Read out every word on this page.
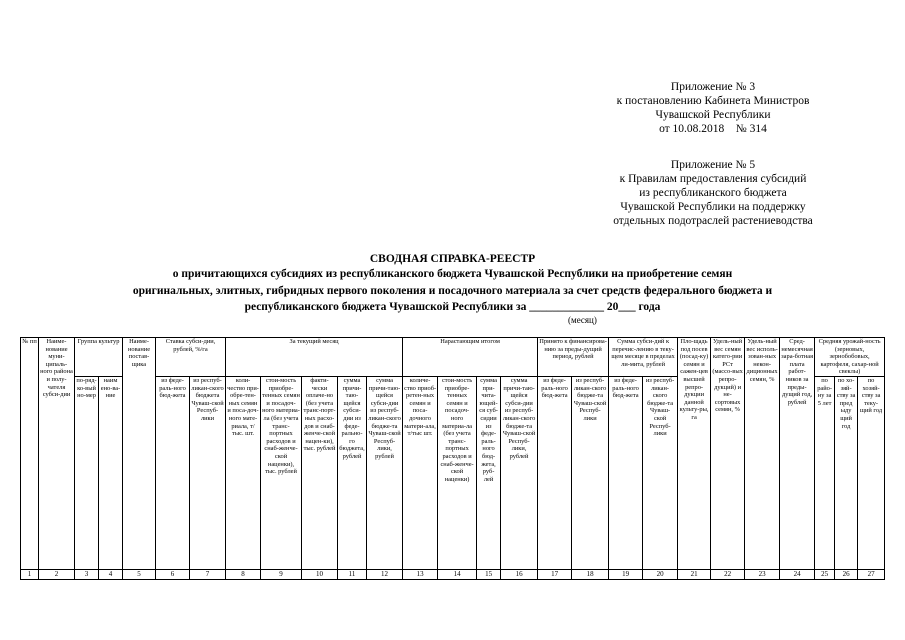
Приложение № 3
к постановлению Кабинета Министров
Чувашской Республики
от 10.08.2018    № 314
Приложение № 5
к Правилам предоставления субсидий
из республиканского бюджета
Чувашской Республики на поддержку
отдельных подотраслей растениеводства
СВОДНАЯ СПРАВКА-РЕЕСТР
о причитающихся субсидиях из республиканского бюджета Чувашской Республики на приобретение семян
оригинальных, элитных, гибридных первого поколения и посадочного материала за счет средств федерального бюджета и
республиканского бюджета Чувашской Республики за _____________ 20___ года
(месяц)
№ пп	Наиме-нование муни-ципаль-ного района и полу-чателя субси-дии	Группа культур		Наиме-нование постав-щика	Ставка субси-дии, рублей, %/га		За текущий месяц					Нарастающим итогом				Принято к финансирова-нию за преды-дущий период, рублей		Сумма субси-дий к перечис-лению в теку-щем месяце в пределах ли-мита, рублей		Пло-щадь под посев (посад-ку) семян и сажен-цев высшей репро-дукции данной культу-ры, га	Удель-ный вес семян катего-рии РСт (массо-вых репро-дукций) и не-сортовых семян, %	Удель-ный вес исполь-зован-ных некон-диционных семян, %	Сред-немесячная зара-ботная плата работ-ников за преды-дущий год, рублей	Средняя урожай-ность (зерновых, зернобобовых, картофеля, сахар-ной свеклы)		
		по-ряд-ко-вый но-мер	наим ено-ва-ние		из феде-раль-ного бюд-жета	из респуб-ликан-ского бюджета Чуваш-ской Респуб-лики	коли-чество при-обре-тен-ных семян и поса-доч-ного мате-риала, т/тыс. шт.	стои-мость приобре-тенных семян и посадоч-ного материа-ла (без учета транс-портных расходов и снаб-женче-ской наценки), тыс. рублей	факти-чески оплаче-но (без учета транс-порт-ных расхо-дов и снаб-женче-ской нацен-ки), тыс. рублей	сумма причи-таю-щейся субси-дии из феде-рально-го бюджета, рублей	сумма причи-таю-щейся субси-дии из респуб-ликан-ского бюдже-та Чуваш-ской Респуб-лики, рублей	количе-ство приоб-ретен-ных семян и поса-дочного матери-ала, т/тыс шт.	стои-мость приобре-тенных семян и посадоч-ного материа-ла (без учета транс-портных расходов и снаб-женче-ской наценки)	сумма при-чита-ющей-ся суб-сидии из феде-раль-ного бюд-жета, руб-лей	сумма причи-таю-щейся субси-дии из респуб-ликан-ского бюдже-та Чуваш-ской Респуб-лики, рублей	из феде-раль-ного бюд-жета	из респуб-ликан-ского бюдже-та Чуваш-ской Респуб-лики	из феде-раль-ного бюд-жета	из респуб-ликан-ского бюдже-та Чуваш-ской Респуб-лики					по райо-ну за 5 лет	по хо-зяй-ству за пред ыду щий год	по хозяй-ству за теку-щий год
1	2	3	4	5	6	7	8	9	10	11	12	13	14	15	16	17	18	19	20	21	22	23	24	25	26	27
